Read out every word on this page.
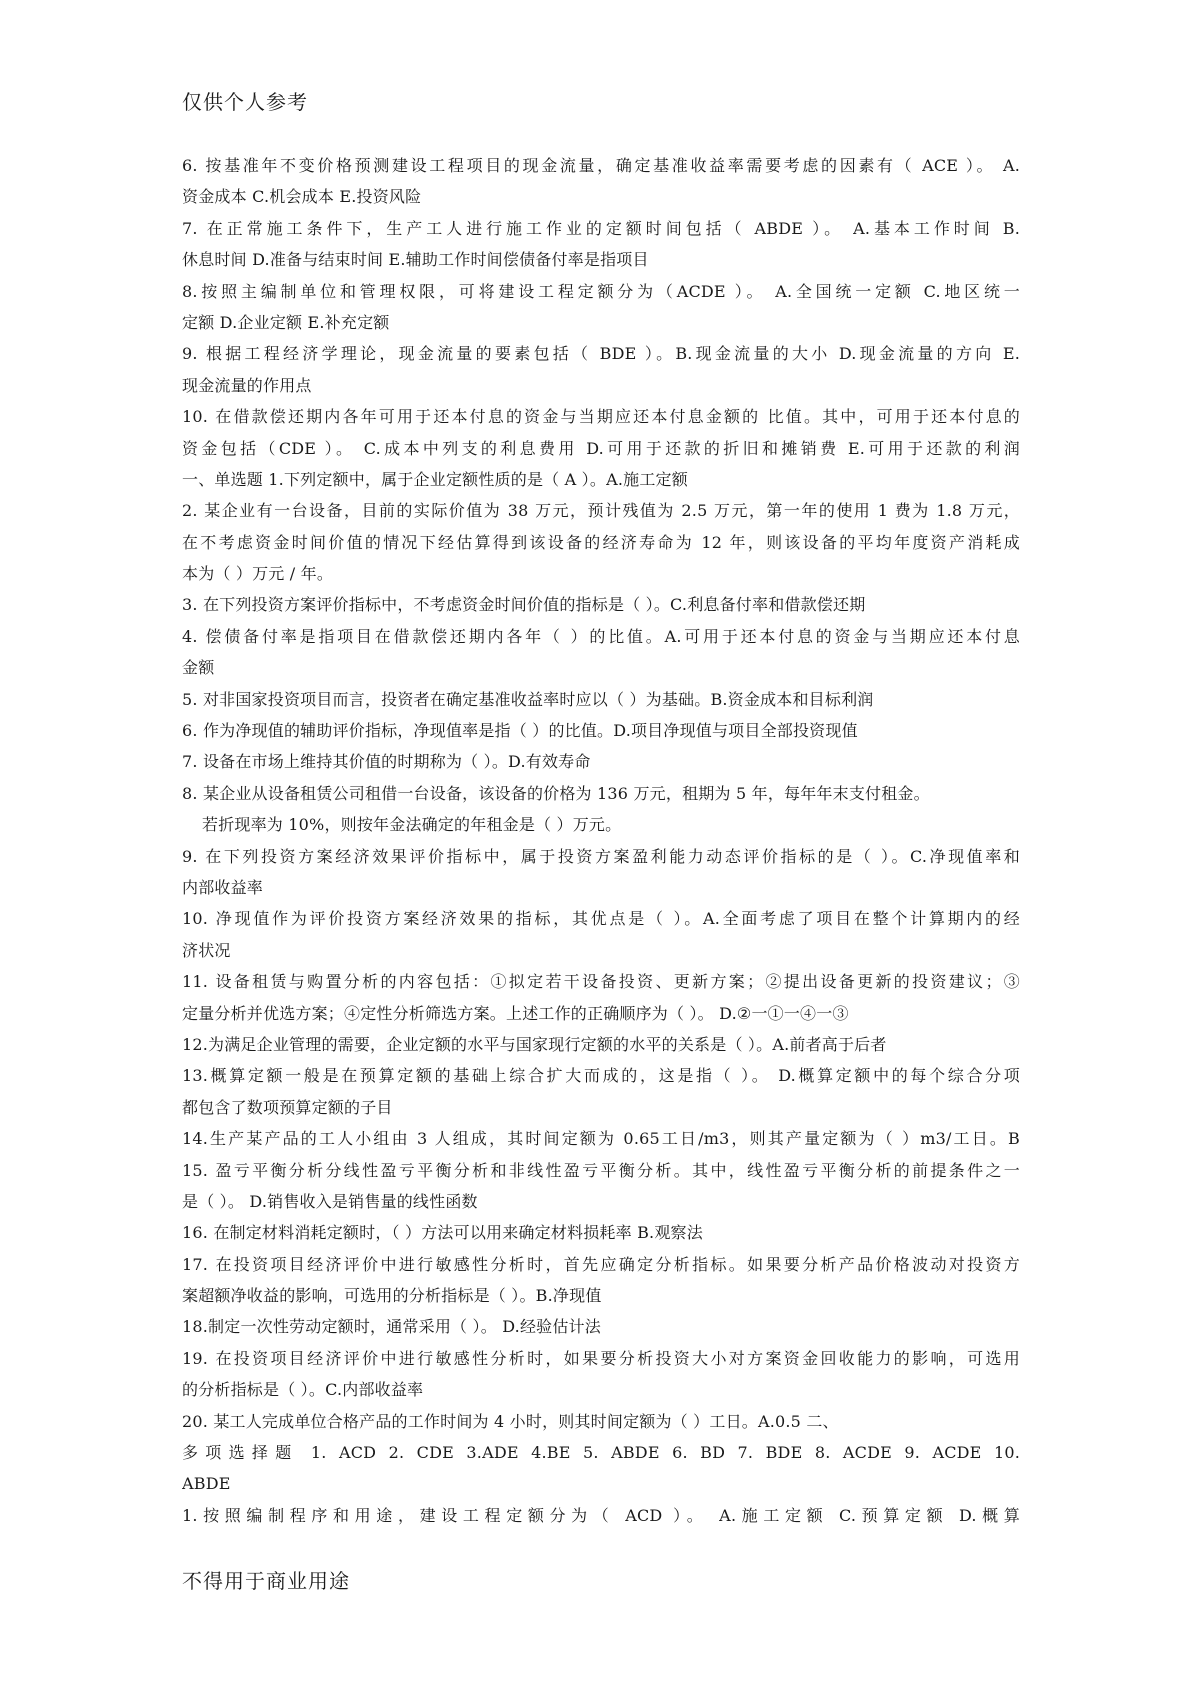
仅供个人参考
6. 按基准年不变价格预测建设工程项目的现金流量，确定基准收益率需要考虑的因素有（ ACE ）。 A.
资金成本 C.机会成本 E.投资风险
7. 在正常施工条件下，生产工人进行施工作业的定额时间包括（ ABDE ）。 A.基本工作时间 B.
休息时间 D.准备与结束时间 E.辅助工作时间偿债备付率是指项目
8.按照主编制单位和管理权限，可将建设工程定额分为（ACDE ）。 A.全国统一定额 C.地区统一
定额 D.企业定额 E.补充定额
9. 根据工程经济学理论，现金流量的要素包括（ BDE ）。B.现金流量的大小 D.现金流量的方向 E.
现金流量的作用点
10. 在借款偿还期内各年可用于还本付息的资金与当期应还本付息金额的 比值。其中，可用于还本付息的
资金包括（CDE ）。 C.成本中列支的利息费用 D.可用于还款的折旧和摊销费 E.可用于还款的利润
一、单选题 1.下列定额中，属于企业定额性质的是（ A ）。A.施工定额
2. 某企业有一台设备，目前的实际价值为 38 万元，预计残值为 2.5 万元，第一年的使用 1 费为 1.8 万元，
在不考虑资金时间价值的情况下经估算得到该设备的经济寿命为 12 年，则该设备的平均年度资产消耗成
本为（ ）万元 / 年。
3. 在下列投资方案评价指标中，不考虑资金时间价值的指标是（ ）。C.利息备付率和借款偿还期
4. 偿债备付率是指项目在借款偿还期内各年（ ）的比值。A.可用于还本付息的资金与当期应还本付息
金额
5. 对非国家投资项目而言，投资者在确定基准收益率时应以（ ）为基础。B.资金成本和目标利润
6. 作为净现值的辅助评价指标，净现值率是指（ ）的比值。D.项目净现值与项目全部投资现值
7. 设备在市场上维持其价值的时期称为（ ）。D.有效寿命
8. 某企业从设备租赁公司租借一台设备，该设备的价格为 136 万元，租期为 5 年，每年年末支付租金。
若折现率为 10%，则按年金法确定的年租金是（ ）万元。
9. 在下列投资方案经济效果评价指标中，属于投资方案盈利能力动态评价指标的是（ ）。C.净现值率和
内部收益率
10. 净现值作为评价投资方案经济效果的指标，其优点是（ ）。A.全面考虑了项目在整个计算期内的经
济状况
11. 设备租赁与购置分析的内容包括：①拟定若干设备投资、更新方案；②提出设备更新的投资建议；③
定量分析并优选方案；④定性分析筛选方案。上述工作的正确顺序为（ ）。 D.②一①一④一③
12.为满足企业管理的需要，企业定额的水平与国家现行定额的水平的关系是（ ）。A.前者高于后者
13.概算定额一般是在预算定额的基础上综合扩大而成的，这是指（ ）。 D.概算定额中的每个综合分项
都包含了数项预算定额的子目
14.生产某产品的工人小组由 3 人组成，其时间定额为 0.65工日/m3，则其产量定额为（ ）m3/工日。B
15. 盈亏平衡分析分线性盈亏平衡分析和非线性盈亏平衡分析。其中，线性盈亏平衡分析的前提条件之一
是（ ）。 D.销售收入是销售量的线性函数
16. 在制定材料消耗定额时，（ ）方法可以用来确定材料损耗率 B.观察法
17. 在投资项目经济评价中进行敏感性分析时，首先应确定分析指标。如果要分析产品价格波动对投资方
案超额净收益的影响，可选用的分析指标是（ ）。B.净现值
18.制定一次性劳动定额时，通常采用（ ）。 D.经验估计法
19. 在投资项目经济评价中进行敏感性分析时，如果要分析投资大小对方案资金回收能力的影响，可选用
的分析指标是（ ）。C.内部收益率
20. 某工人完成单位合格产品的工作时间为 4 小时，则其时间定额为（ ）工日。A.0.5 二、
多项选择题 1. ACD 2. CDE 3.ADE 4.BE 5. ABDE 6. BD 7. BDE 8. ACDE 9. ACDE 10.
ABDE
1.按照编制程序和用途，建设工程定额分为（ ACD ）。 A.施工定额 C.预算定额 D.概算
不得用于商业用途
